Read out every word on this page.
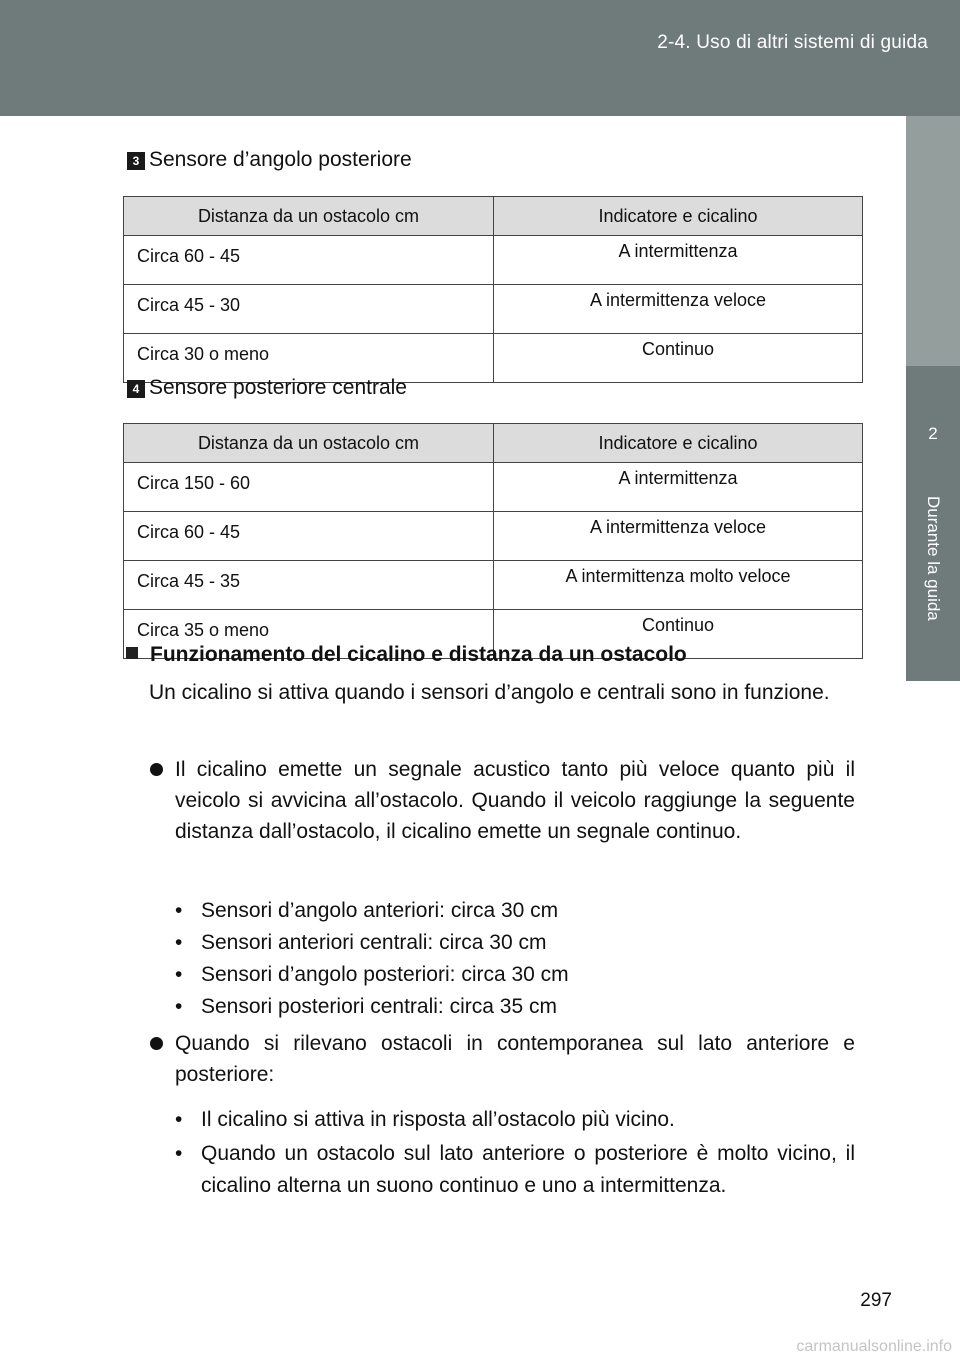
2-4. Uso di altri sistemi di guida
2
Durante la guida
3 Sensore d’angolo posteriore
Distanza da un ostacolo cm	Indicatore e cicalino
Circa 60 - 45	A intermittenza
Circa 45 - 30	A intermittenza veloce
Circa 30 o meno	Continuo
4 Sensore posteriore centrale
Distanza da un ostacolo cm	Indicatore e cicalino
Circa 150 - 60	A intermittenza
Circa 60 - 45	A intermittenza veloce
Circa 45 - 35	A intermittenza molto veloce
Circa 35 o meno	Continuo
Funzionamento del cicalino e distanza da un ostacolo
Un cicalino si attiva quando i sensori d’angolo e centrali sono in funzione.
Il cicalino emette un segnale acustico tanto più veloce quanto più il veicolo si avvicina all’ostacolo. Quando il veicolo raggiunge la seguente distanza dall’ostacolo, il cicalino emette un segnale continuo.
• Sensori d’angolo anteriori: circa 30 cm
• Sensori anteriori centrali: circa 30 cm
• Sensori d’angolo posteriori: circa 30 cm
• Sensori posteriori centrali: circa 35 cm
Quando si rilevano ostacoli in contemporanea sul lato anteriore e posteriore:
• Il cicalino si attiva in risposta all’ostacolo più vicino.
• Quando un ostacolo sul lato anteriore o posteriore è molto vicino, il cicalino alterna un suono continuo e uno a intermittenza.
297
carmanualsonline.info
